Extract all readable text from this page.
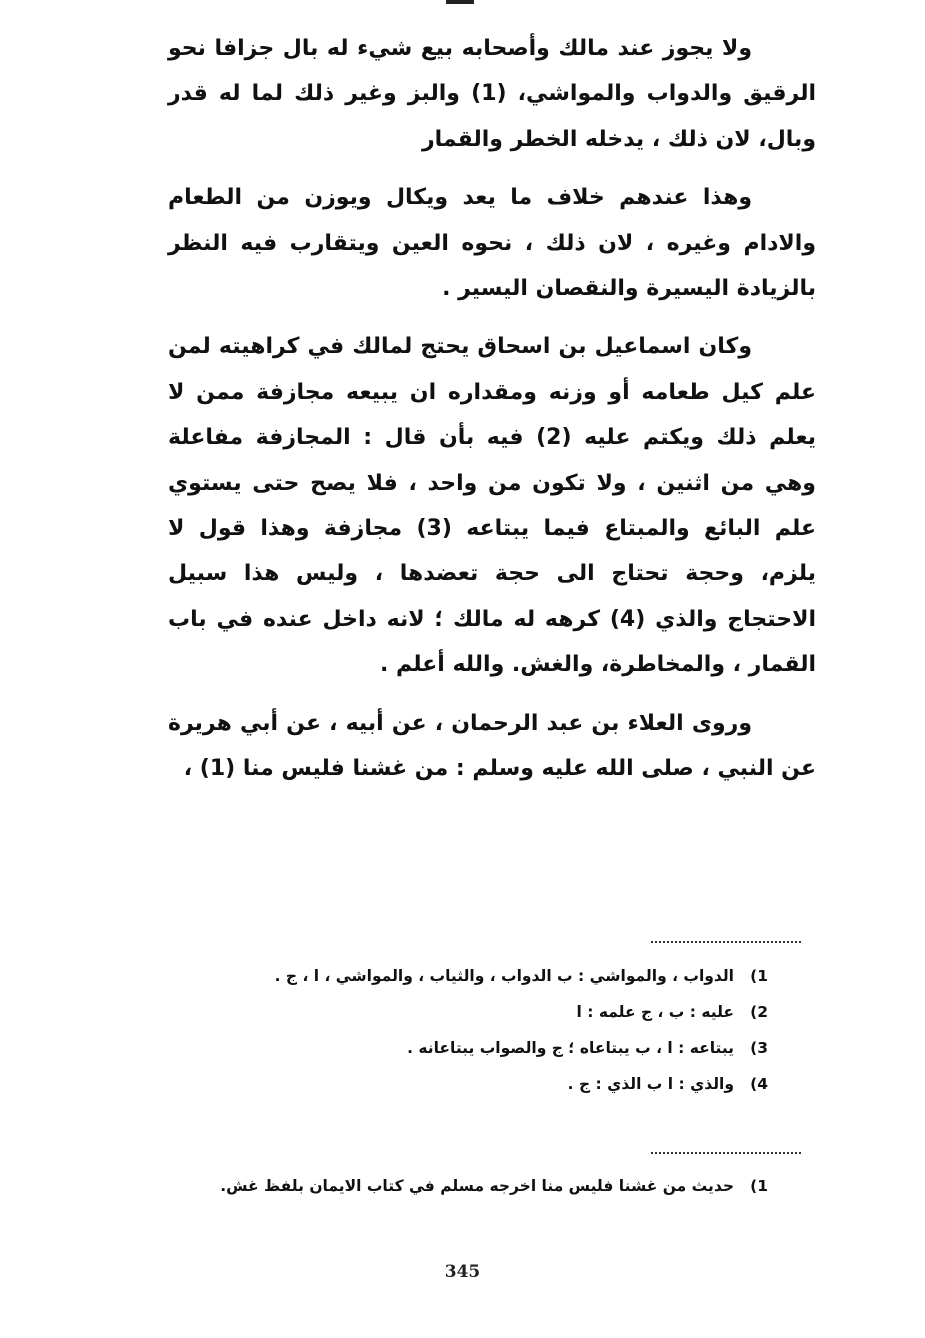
ولا يجوز عند مالك وأصحابه بيع شيء له بال جزافا نحو الرقيق والدواب والمواشي، (1) والبز وغير ذلك لما له قدر وبال، لان ذلك ، يدخله الخطر والقمار

وهذا عندهم خلاف ما يعد ويكال ويوزن من الطعام والادام وغيره ، لان ذلك ، نحوه العين ويتقارب فيه النظر بالزيادة اليسيرة والنقصان اليسير .

وكان اسماعيل بن اسحاق يحتج لمالك في كراهيته لمن علم كيل طعامه أو وزنه ومقداره ان يبيعه مجازفة ممن لا يعلم ذلك ويكتم عليه (2) فيه بأن قال : المجازفة مفاعلة وهي من اثنين ، ولا تكون من واحد ، فلا يصح حتى يستوي علم البائع والمبتاع فيما يبتاعه (3) مجازفة وهذا قول لا يلزم، وحجة تحتاج الى حجة تعضدها ، وليس هذا سبيل الاحتجاج والذي (4) كرهه له مالك ؛ لانه داخل عنده في باب القمار ، والمخاطرة، والغش. والله أعلم .

وروى العلاء بن عبد الرحمان ، عن أبيه ، عن أبي هريرة عن النبي ، صلى الله عليه وسلم : من غشنا فليس منا (1) ،

1)الدواب ، والمواشي : ب الدواب ، والثياب ، والمواشي ، ا ، ج .
2)عليه : ب ، ج علمه : ا
3)يبتاعه : ا ، ب يبتاعاه ؛ ج والصواب يبتاعانه .
4)والذي : ا ب الذي : ج .
1)حديث من غشنا فليس منا اخرجه مسلم في كتاب الايمان بلفظ غش.
345
